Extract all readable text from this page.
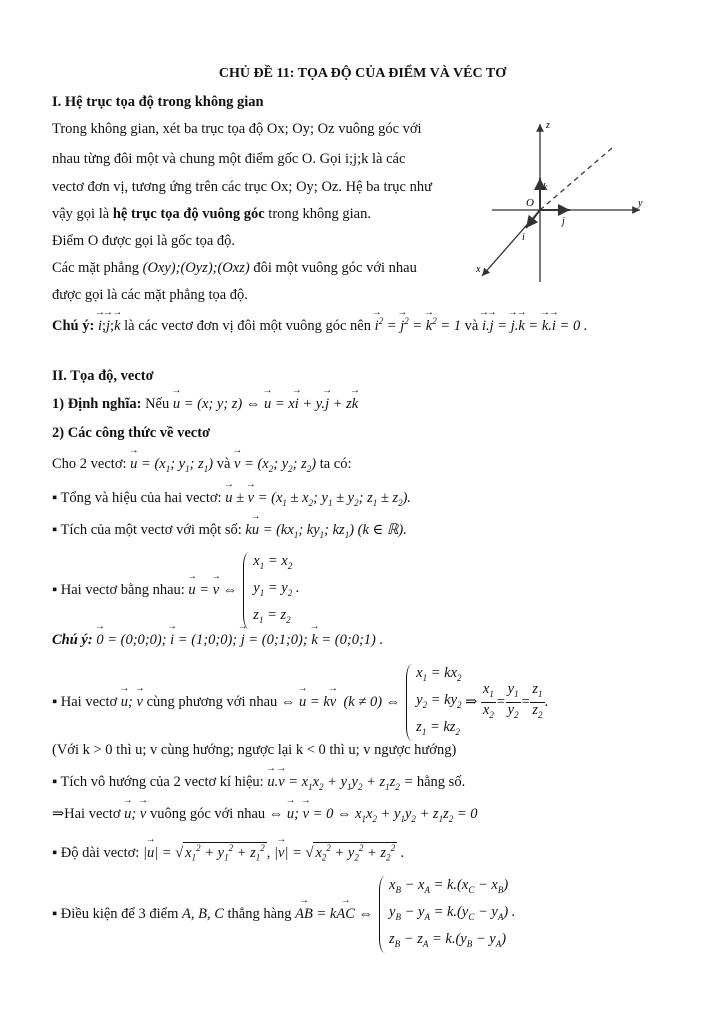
CHỦ ĐỀ 11: TỌA ĐỘ CỦA ĐIỂM VÀ VÉC TƠ
I. Hệ trục tọa độ trong không gian
Trong không gian, xét ba trục tọa độ Ox; Oy; Oz vuông góc với
nhau từng đôi một và chung một điểm gốc O. Gọi i;j;k là các
vectơ đơn vị, tương ứng trên các trục Ox; Oy; Oz. Hệ ba trục như
vậy gọi là hệ trục tọa độ vuông góc trong không gian.
Điểm O được gọi là gốc tọa độ.
Các mặt phẳng (Oxy);(Oyz);(Oxz) đôi một vuông góc với nhau
được gọi là các mặt phẳng tọa độ.
Chú ý: → i;→ j;→ k là các vectơ đơn vị đôi một vuông góc nên → $i^2$ = → $j^2$ = → $k^2 = 1$ và → i.→ j = → j.→ k = → k.→ i = 0 .
z
y
x
O
k
j
i
II. Tọa độ, vectơ
1) Định nghĩa: Nếu → u = (x; y; z) ⇔ → u = x→ i + y.→ j + z→ k
2) Các công thức về vectơ
Cho 2 vectơ: → $u = (x_1$; $y_1$; $z_1$) và → $v = (x_2$; $y_2$; $z_2$) ta có:
▪ Tổng và hiệu của hai vectơ: → u ± → $v = (x_1 \pm x_2$; $y_1 \pm y_2$; $z_1 \pm z_2$).
▪ Tích của một vectơ với một số: $k\to u = (kx_1$; $ky_1$; $kz_1$) (k ∈ ℝ).
▪ Hai vectơ bằng nhau: → u = → v ⇔
$x_1 = x_2$
$y_1 = y_2$ .
$z_1 = z_2$
Chú ý: → 0 = (0;0;0); → i = (1;0;0); → j = (0;1;0); → k = (0;0;1) .
▪ Hai vectơ → u; → v cùng phương với nhau ⇔ → u = k→ v  (k ≠ 0) ⇔
$x_1 = kx_2$
$y_2 = ky_2$
$z_1 = kz_2$
⇒ $\frac{x_1}{x_2} = \frac{y_1}{y_2} = \frac{z_1}{z_2}$ .
(Với k > 0 thì u; v cùng hướng; ngược lại k < 0 thì u; v ngược hướng)
▪ Tích vô hướng của 2 vectơ kí hiệu: → $u.\to v = x_1x_2 + y_1y_2 + z_1z_2$ = hằng số.
⇒Hai vectơ → u; → v vuông góc với nhau ⇔ → u; → v = 0 ⇔ $x_1x_2 + y_1y_2 + z_1z_2 = 0$
▪ Độ dài vectơ: |→ u| = √ $x_1^2 + y_1^2 + z_1^2$ , |→ v| = √ $x_2^2 + y_2^2 + z_2^2$ .
▪ Điều kiện để 3 điểm A, B, C thẳng hàng → AB = k→ AC ⇔
$x_B - x_A = k.(x_C - x_B)$
$y_B - y_A = k.(y_C - y_A)$ .
$z_B - z_A = k.(y_B - y_A)$
